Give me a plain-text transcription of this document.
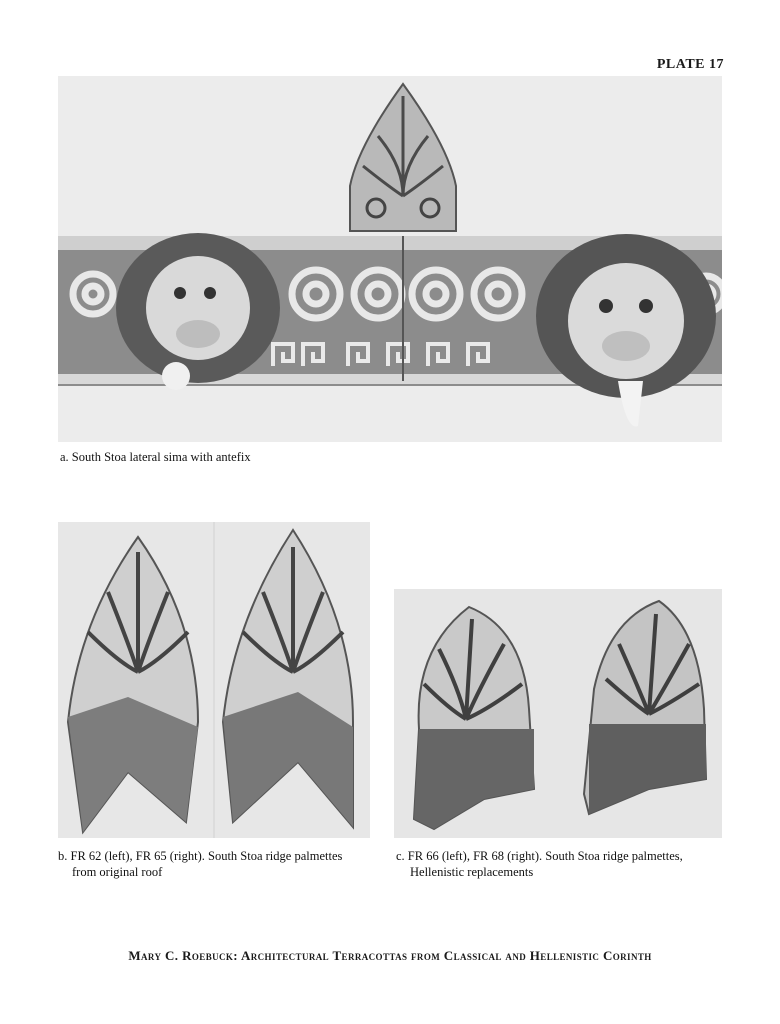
PLATE 17
a. South Stoa lateral sima with antefix
b. FR 62 (left), FR 65 (right). South Stoa ridge palmettes
from original roof
c. FR 66 (left), FR 68 (right). South Stoa ridge palmettes,
Hellenistic replacements
Mary C. Roebuck: Architectural Terracottas from Classical and Hellenistic Corinth
